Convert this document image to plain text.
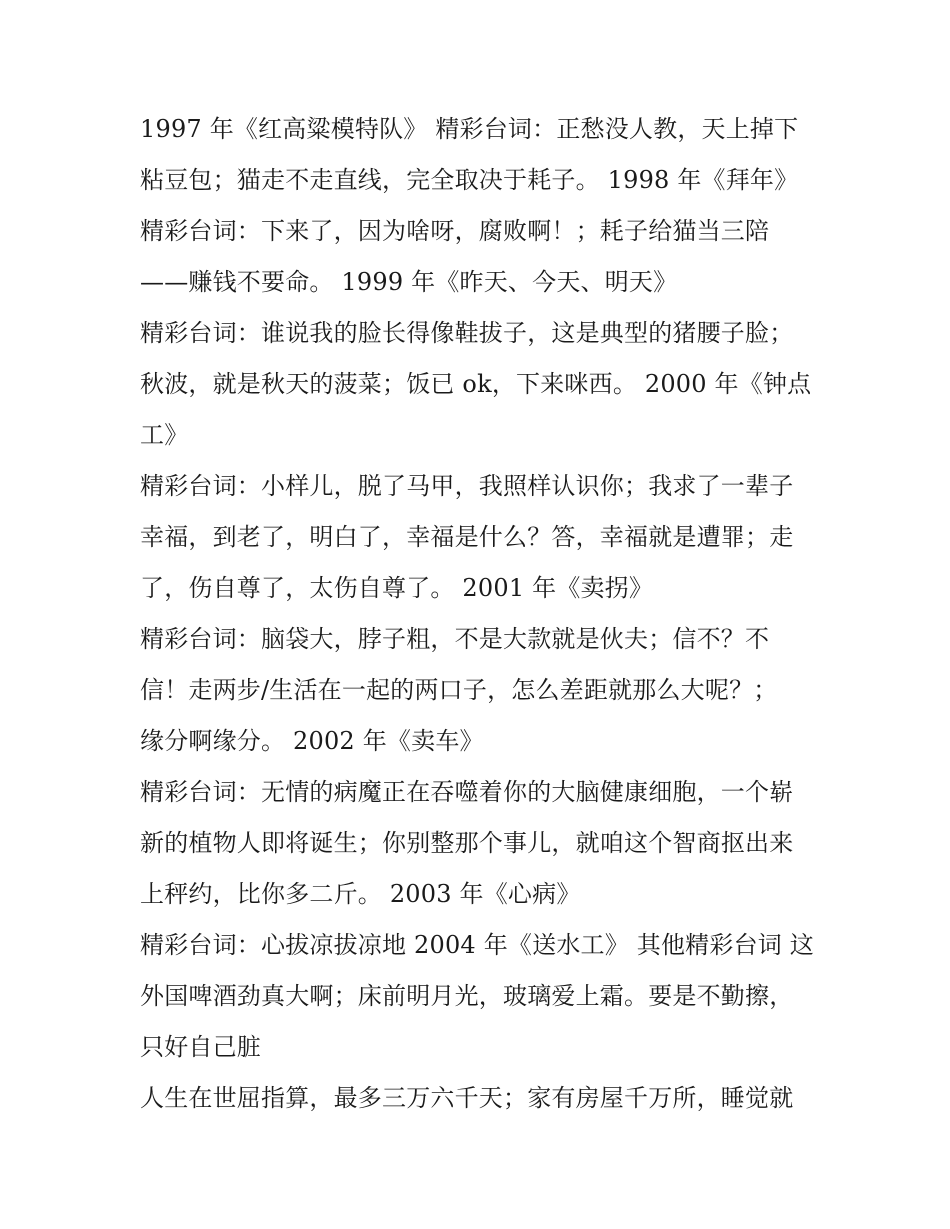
1997 年《红高粱模特队》 精彩台词：正愁没人教，天上掉下
粘豆包；猫走不走直线，完全取决于耗子。 1998 年《拜年》
精彩台词：下来了，因为啥呀，腐败啊！；耗子给猫当三陪
——赚钱不要命。 1999 年《昨天、今天、明天》
精彩台词：谁说我的脸长得像鞋拔子，这是典型的猪腰子脸；
秋波，就是秋天的菠菜；饭已 ok，下来咪西。 2000 年《钟点
工》
精彩台词：小样儿，脱了马甲，我照样认识你；我求了一辈子
幸福，到老了，明白了，幸福是什么？答，幸福就是遭罪；走
了，伤自尊了，太伤自尊了。 2001 年《卖拐》
精彩台词：脑袋大，脖子粗，不是大款就是伙夫；信不？不
信！走两步/生活在一起的两口子，怎么差距就那么大呢？；
缘分啊缘分。 2002 年《卖车》
精彩台词：无情的病魔正在吞噬着你的大脑健康细胞，一个崭
新的植物人即将诞生；你别整那个事儿，就咱这个智商抠出来
上秤约，比你多二斤。 2003 年《心病》
精彩台词：心拔凉拔凉地 2004 年《送水工》 其他精彩台词 这
外国啤酒劲真大啊；床前明月光，玻璃爱上霜。要是不勤擦，
只好自己脏
人生在世屈指算，最多三万六千天；家有房屋千万所，睡觉就
